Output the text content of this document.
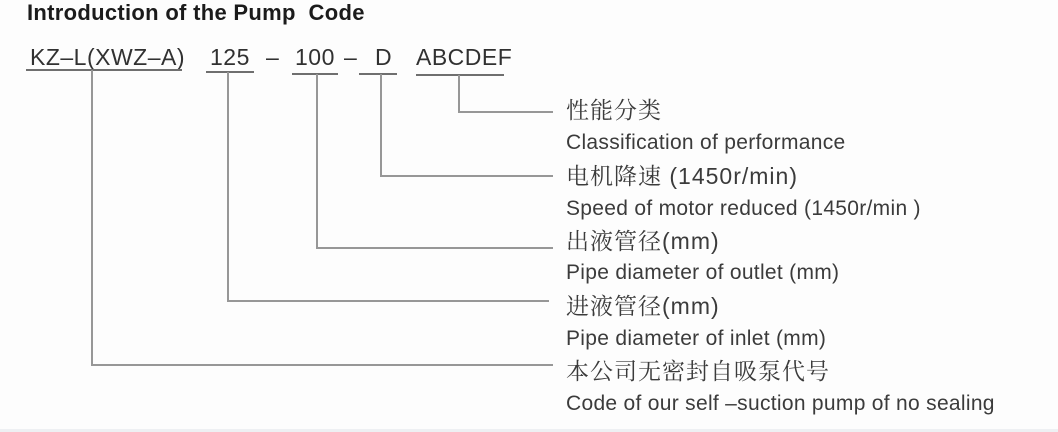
Introduction of the Pump  Code
KZ–L(XWZ–A) 125 – 100 – D ABCDEF
性能分类
Classification of performance
电机降速 (1450r/min)
Speed of motor reduced (1450r/min )
出液管径(mm)
Pipe diameter of outlet (mm)
进液管径(mm)
Pipe diameter of inlet (mm)
本公司无密封自吸泵代号
Code of our self –suction pump of no sealing
